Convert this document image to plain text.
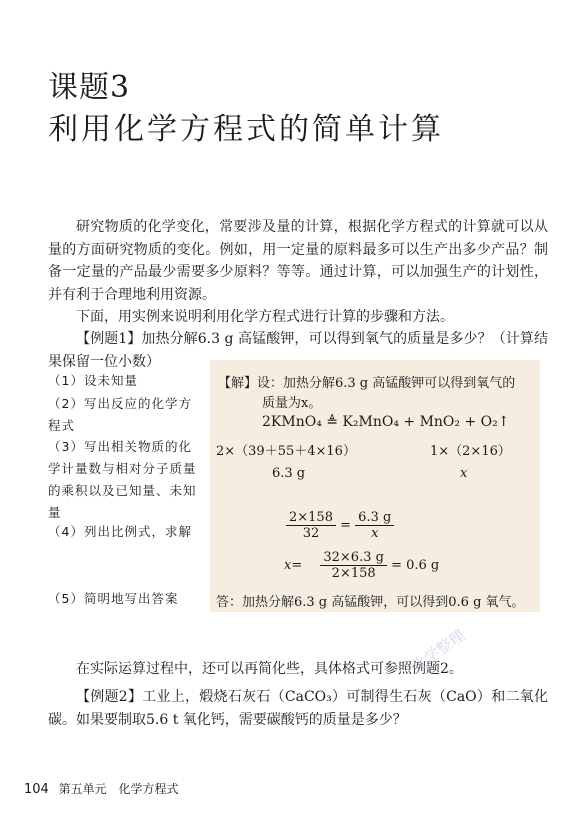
课题3
利用化学方程式的简单计算
研究物质的化学变化，常要涉及量的计算，根据化学方程式的计算就可以从量的方面研究物质的变化。例如，用一定量的原料最多可以生产出多少产品？制备一定量的产品最少需要多少原料？等等。通过计算，可以加强生产的计划性，并有利于合理地利用资源。
下面，用实例来说明利用化学方程式进行计算的步骤和方法。
【例题1】加热分解6.3 g 高锰酸钾，可以得到氧气的质量是多少？（计算结果保留一位小数）
（1）设未知量
（2）写出反应的化学方程式
（3）写出相关物质的化学计量数与相对分子质量的乘积以及已知量、未知量
（4）列出比例式，求解
（5）简明地写出答案
【解】设：加热分解6.3 g 高锰酸钾可以得到氧气的
质量为x。
2KMnO₄ ≜ K₂MnO₄ + MnO₂ + O₂↑
2×（39＋55＋4×16）	1×（2×16）
6.3 g	x
$\frac{2\times 158}{32} = \frac{6.3 g}{x}$
$x= \frac{32\times 6.3 g}{2\times 158} = 0.6$ g
答：加热分解6.3 g 高锰酸钾，可以得到0.6 g 氧气。
在实际运算过程中，还可以再简化些，具体格式可参照例题2。
【例题2】工业上，煅烧石灰石（CaCO₃）可制得生石灰（CaO）和二氧化碳。如果要制取5.6 t 氧化钙，需要碳酸钙的质量是多少？
化学整理
104 第五单元 化学方程式
